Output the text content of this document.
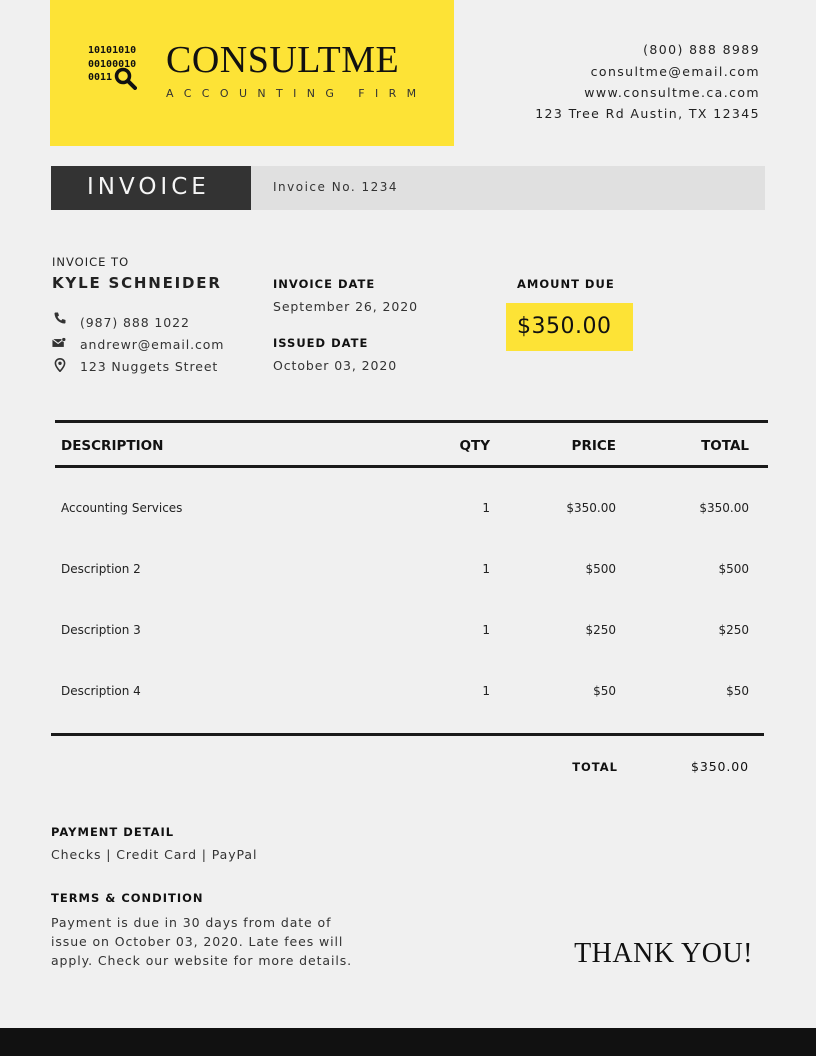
10101010
00100010
0011	CONSULTME
ACCOUNTING FIRM
(800) 888 8989
consultme@email.com
www.consultme.ca.com
123 Tree Rd Austin, TX 12345
INVOICE	Invoice No. 1234
INVOICE TO
KYLE SCHNEIDER
(987) 888 1022
andrewr@email.com
123 Nuggets Street
INVOICE DATE
September 26, 2020
ISSUED DATE
October 03, 2020
AMOUNT DUE
$350.00
DESCRIPTION	QTY	PRICE	TOTAL
Accounting Services	1	$350.00	$350.00
Description 2	1	$500	$500
Description 3	1	$250	$250
Description 4	1	$50	$50
TOTAL	$350.00
PAYMENT DETAIL
Checks | Credit Card | PayPal
TERMS & CONDITION
Payment is due in 30 days from date of
issue on October 03, 2020. Late fees will
apply. Check our website for more details.	THANK YOU!
